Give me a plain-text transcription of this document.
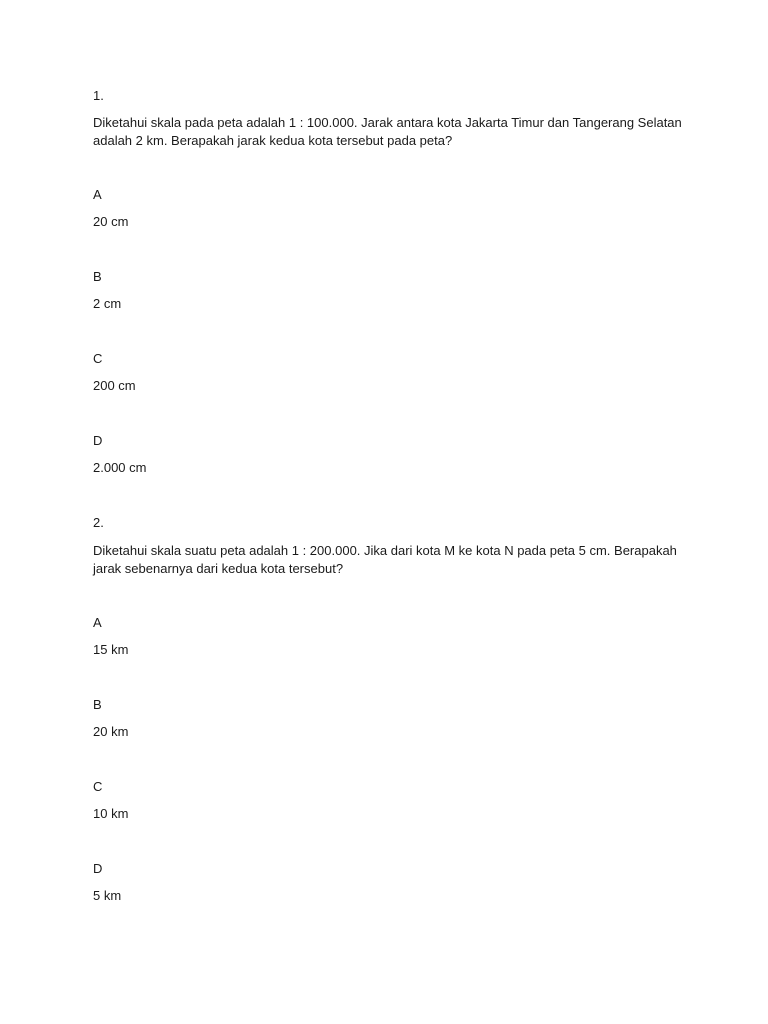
1.
Diketahui skala pada peta adalah 1 : 100.000. Jarak antara kota Jakarta Timur dan Tangerang Selatan
adalah 2 km. Berapakah jarak kedua kota tersebut pada peta?
A
20 cm
B
2 cm
C
200 cm
D
2.000 cm
2.
Diketahui skala suatu peta adalah 1 : 200.000. Jika dari kota M ke kota N pada peta 5 cm. Berapakah
jarak sebenarnya dari kedua kota tersebut?
A
15 km
B
20 km
C
10 km
D
5 km
